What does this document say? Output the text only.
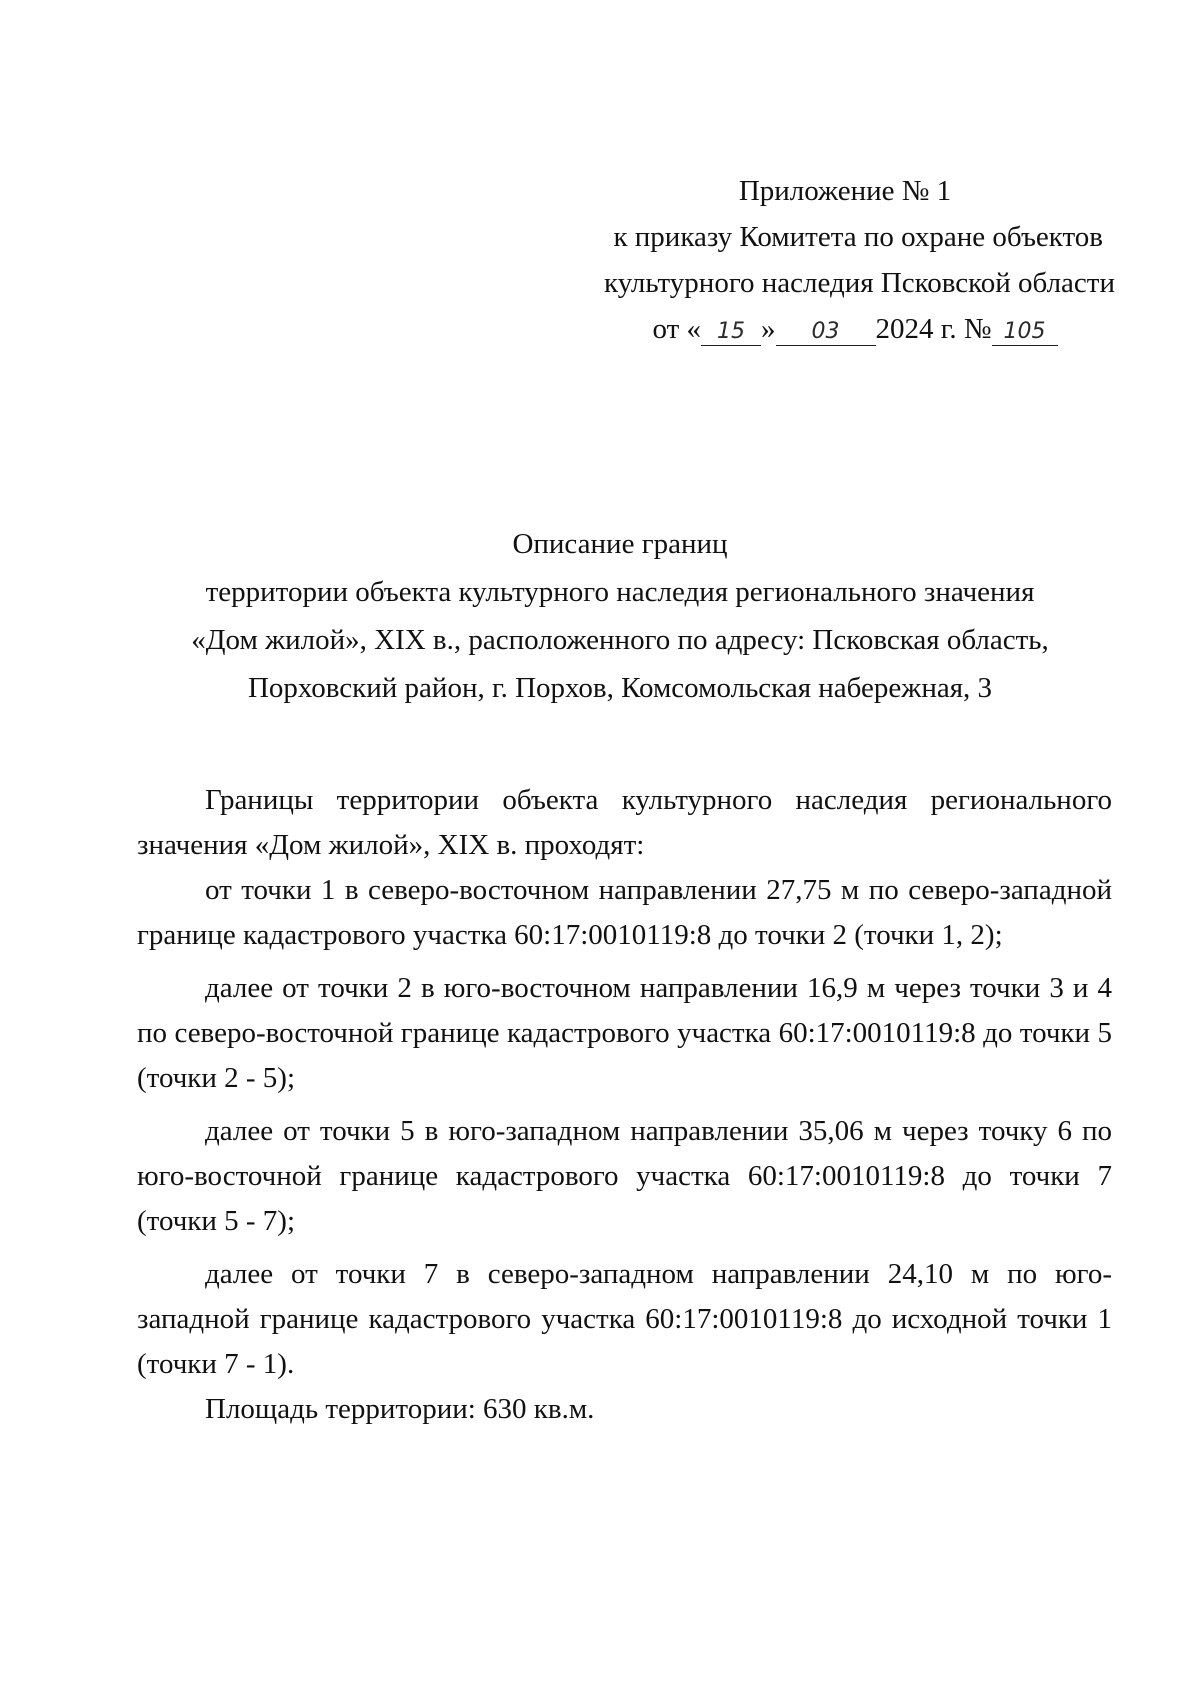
Приложение № 1
к приказу Комитета по охране объектов
культурного наследия Псковской области
от « 15 » 03 2024 г. № 105
Описание границ
территории объекта культурного наследия регионального значения
«Дом жилой», XIX в., расположенного по адресу: Псковская область,
Порховский район, г. Порхов, Комсомольская набережная, 3

Границы территории объекта культурного наследия регионального значения «Дом жилой», XIX в. проходят:

от точки 1 в северо-восточном направлении 27,75 м по северо-западной границе кадастрового участка 60:17:0010119:8 до точки 2 (точки 1, 2);

далее от точки 2 в юго-восточном направлении 16,9 м через точки 3 и 4 по северо-восточной границе кадастрового участка 60:17:0010119:8 до точки 5 (точки 2 - 5);

далее от точки 5 в юго-западном направлении 35,06 м через точку 6 по юго-восточной границе кадастрового участка 60:17:0010119:8 до точки 7 (точки 5 - 7);

далее от точки 7 в северо-западном направлении 24,10 м по юго-западной границе кадастрового участка 60:17:0010119:8 до исходной точки 1 (точки 7 - 1).

Площадь территории: 630 кв.м.
